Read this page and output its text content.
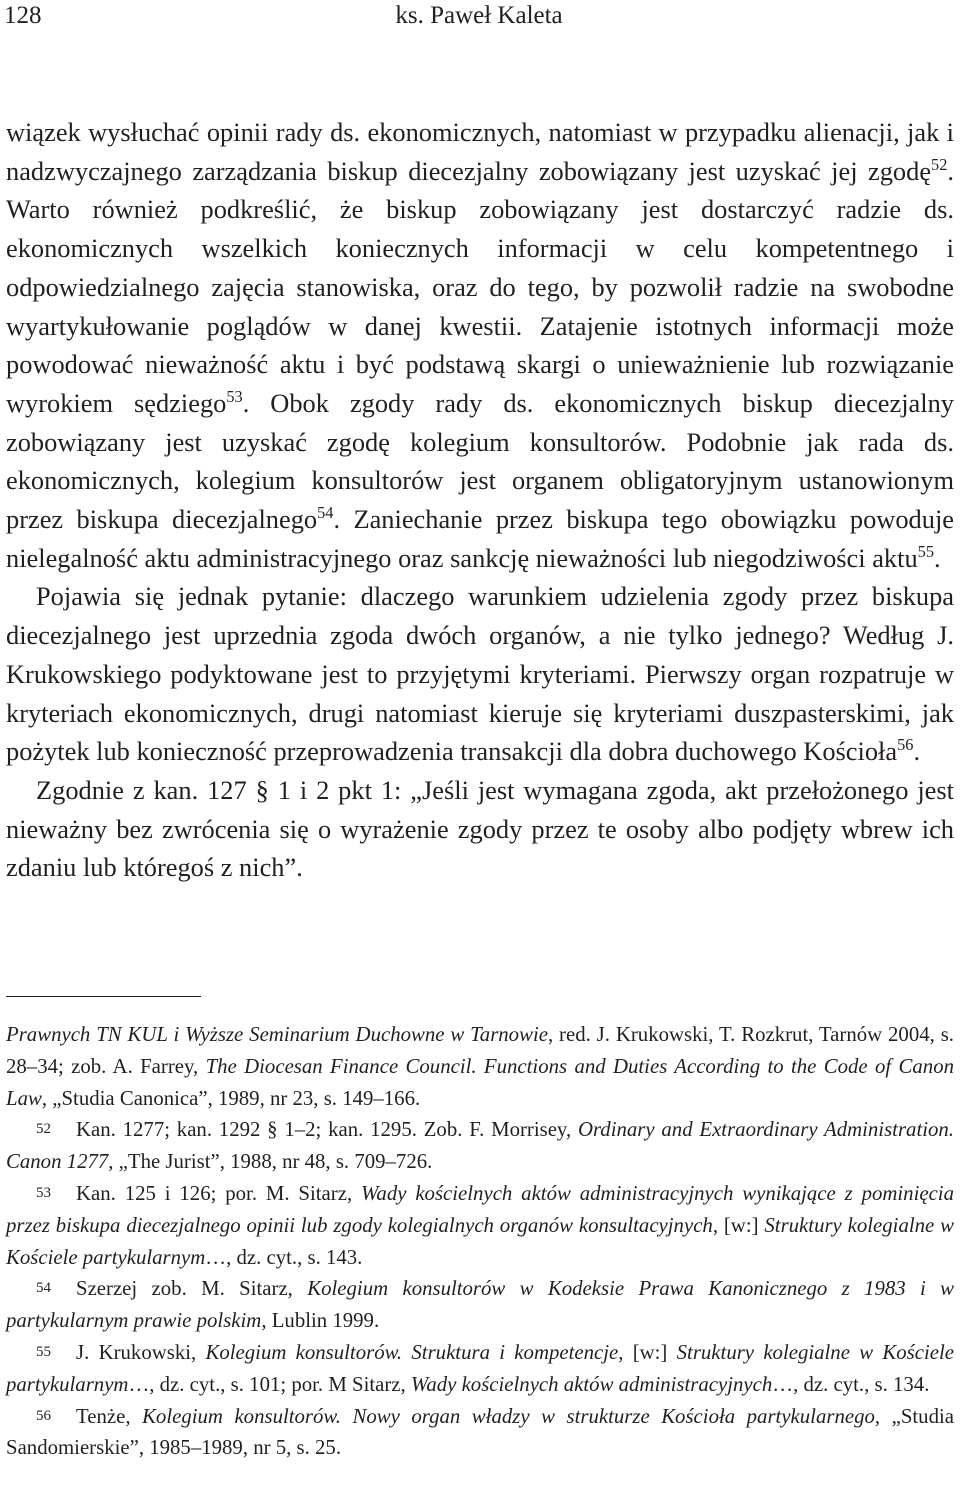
128	ks. Paweł Kaleta

wiązek wysłuchać opinii rady ds. ekonomicznych, natomiast w przypadku alienacji, jak i nadzwyczajnego zarządzania biskup diecezjalny zobowiązany jest uzyskać jej zgodę$^{52}$. Warto również podkreślić, że biskup zobowiązany jest dostarczyć radzie ds. ekonomicznych wszelkich koniecznych informacji w celu kompetentnego i odpowiedzialnego zajęcia stanowiska, oraz do tego, by pozwolił radzie na swobodne wyartykułowanie poglądów w danej kwestii. Zatajenie istotnych informacji może powodować nieważność aktu i być podstawą skargi o unieważnienie lub rozwiązanie wyrokiem sędziego$^{53}$. Obok zgody rady ds. ekonomicznych biskup diecezjalny zobowiązany jest uzyskać zgodę kolegium konsultorów. Podobnie jak rada ds. ekonomicznych, kolegium konsultorów jest organem obligatoryjnym ustanowionym przez biskupa diecezjalnego$^{54}$. Zaniechanie przez biskupa tego obowiązku powoduje nielegalność aktu administracyjnego oraz sankcję nieważności lub niegodziwości aktu$^{55}$.

Pojawia się jednak pytanie: dlaczego warunkiem udzielenia zgody przez biskupa diecezjalnego jest uprzednia zgoda dwóch organów, a nie tylko jednego? Według J. Krukowskiego podyktowane jest to przyjętymi kryteriami. Pierwszy organ rozpatruje w kryteriach ekonomicznych, drugi natomiast kieruje się kryteriami duszpasterskimi, jak pożytek lub konieczność przeprowadzenia transakcji dla dobra duchowego Kościoła$^{56}$.

Zgodnie z kan. 127 § 1 i 2 pkt 1: „Jeśli jest wymagana zgoda, akt przełożonego jest nieważny bez zwrócenia się o wyrażenie zgody przez te osoby albo podjęty wbrew ich zdaniu lub któregoś z nich”.

Prawnych TN KUL i Wyższe Seminarium Duchowne w Tarnowie, red. J. Krukowski, T. Rozkrut, Tarnów 2004, s. 28–34; zob. A. Farrey, The Diocesan Finance Council. Functions and Duties According to the Code of Canon Law, „Studia Canonica”, 1989, nr 23, s. 149–166.

52 Kan. 1277; kan. 1292 § 1–2; kan. 1295. Zob. F. Morrisey, Ordinary and Extraordinary Administration. Canon 1277, „The Jurist”, 1988, nr 48, s. 709–726.

53 Kan. 125 i 126; por. M. Sitarz, Wady kościelnych aktów administracyjnych wynikające z pominięcia przez biskupa diecezjalnego opinii lub zgody kolegialnych organów konsultacyjnych, [w:] Struktury kolegialne w Kościele partykularnym…, dz. cyt., s. 143.

54 Szerzej zob. M. Sitarz, Kolegium konsultorów w Kodeksie Prawa Kanonicznego z 1983 i w partykularnym prawie polskim, Lublin 1999.

55 J. Krukowski, Kolegium konsultorów. Struktura i kompetencje, [w:] Struktury kolegialne w Kościele partykularnym…, dz. cyt., s. 101; por. M Sitarz, Wady kościelnych aktów administracyjnych…, dz. cyt., s. 134.

56 Tenże, Kolegium konsultorów. Nowy organ władzy w strukturze Kościoła partykularnego, „Studia Sandomierskie”, 1985–1989, nr 5, s. 25.
